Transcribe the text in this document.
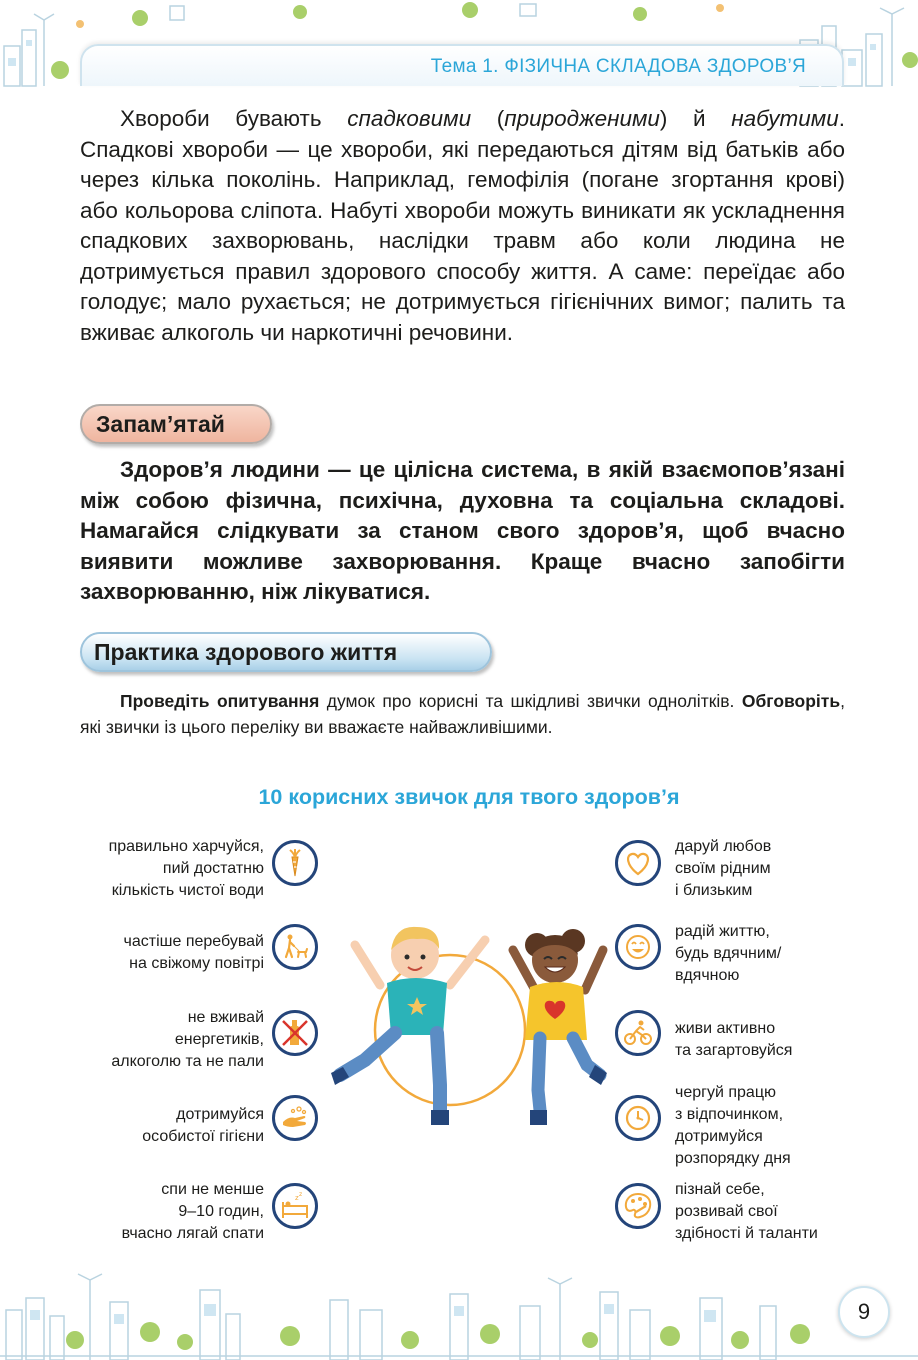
Тема 1. ФІЗИЧНА СКЛАДОВА ЗДОРОВ’Я

Хвороби бувають спадковими (природженими) й набутими. Спадкові хвороби — це хвороби, які передаються дітям від батьків або через кілька поколінь. Наприклад, гемофілія (погане згортання крові) або кольорова сліпота. Набуті хвороби можуть виникати як ускладнення спадкових захворювань, наслідки травм або коли людина не дотримується правил здорового способу життя. А саме: переїдає або голодує; мало рухається; не дотримується гігієнічних вимог; палить та вживає алкоголь чи наркотичні речовини.

Запам’ятай

Здоров’я людини — це цілісна система, в якій взаємопов’язані між собою фізична, психічна, духовна та соціальна складові. Намагайся слідкувати за станом свого здоров’я, щоб вчасно виявити можливе захворювання. Краще вчасно запобігти захворюванню, ніж лікуватися.

Практика здорового життя

Проведіть опитування думок про корисні та шкідливі звички однолітків. Обговоріть, які звички із цього переліку ви вважаєте найважливішими.

10 корисних звичок для твого здоров’я
правильно харчуйся,
пий достатню
кількість чистої води
частіше перебувай
на свіжому повітрі
не вживай
енергетиків,
алкоголю та не пали
дотримуйся
особистої гігієни
спи не менше
9–10 годин,
вчасно лягай спати
z z
даруй любов
своїм рідним
і близьким
радій життю,
будь вдячним/
вдячною
живи активно
та загартовуйся
чергуй працю
з відпочинком,
дотримуйся
розпорядку дня
пізнай себе,
розвивай свої
здібності й таланти
9
